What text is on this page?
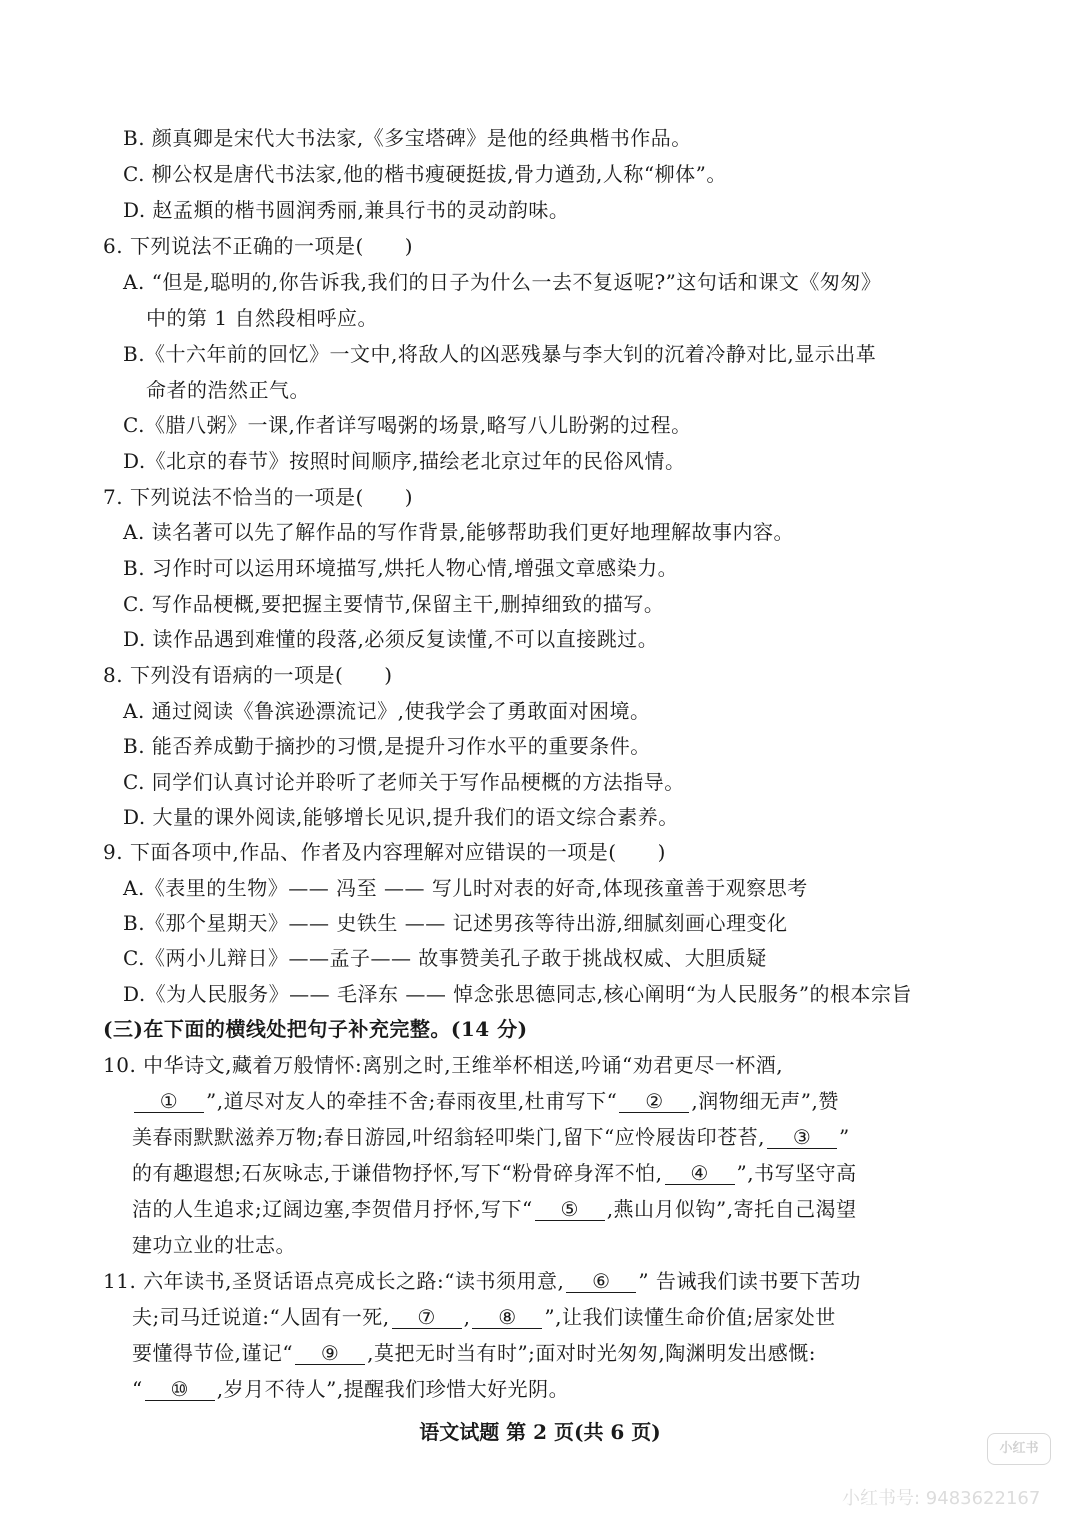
B. 颜真卿是宋代大书法家,《多宝塔碑》是他的经典楷书作品。
C. 柳公权是唐代书法家,他的楷书瘦硬挺拔,骨力遒劲,人称“柳体”。
D. 赵孟頫的楷书圆润秀丽,兼具行书的灵动韵味。
6. 下列说法不正确的一项是(　　)
A. “但是,聪明的,你告诉我,我们的日子为什么一去不复返呢?”这句话和课文《匆匆》
中的第 1 自然段相呼应。
B.《十六年前的回忆》一文中,将敌人的凶恶残暴与李大钊的沉着冷静对比,显示出革
命者的浩然正气。
C.《腊八粥》一课,作者详写喝粥的场景,略写八儿盼粥的过程。
D.《北京的春节》按照时间顺序,描绘老北京过年的民俗风情。
7. 下列说法不恰当的一项是(　　)
A. 读名著可以先了解作品的写作背景,能够帮助我们更好地理解故事内容。
B. 习作时可以运用环境描写,烘托人物心情,增强文章感染力。
C. 写作品梗概,要把握主要情节,保留主干,删掉细致的描写。
D. 读作品遇到难懂的段落,必须反复读懂,不可以直接跳过。
8. 下列没有语病的一项是(　　)
A. 通过阅读《鲁滨逊漂流记》,使我学会了勇敢面对困境。
B. 能否养成勤于摘抄的习惯,是提升习作水平的重要条件。
C. 同学们认真讨论并聆听了老师关于写作品梗概的方法指导。
D. 大量的课外阅读,能够增长见识,提升我们的语文综合素养。
9. 下面各项中,作品、作者及内容理解对应错误的一项是(　　)
A.《表里的生物》—— 冯至 —— 写儿时对表的好奇,体现孩童善于观察思考
B.《那个星期天》—— 史铁生 —— 记述男孩等待出游,细腻刻画心理变化
C.《两小儿辩日》——孟子—— 故事赞美孔子敢于挑战权威、大胆质疑
D.《为人民服务》—— 毛泽东 —— 悼念张思德同志,核心阐明“为人民服务”的根本宗旨
(三)在下面的横线处把句子补充完整。(14 分)
10. 中华诗文,藏着万般情怀:离别之时,王维举杯相送,吟诵“劝君更尽一杯酒,
① ”,道尽对友人的牵挂不舍;春雨夜里,杜甫写下“ ② ,润物细无声”,赞
美春雨默默滋养万物;春日游园,叶绍翁轻叩柴门,留下“应怜屐齿印苍苔, ③ ”
的有趣遐想;石灰咏志,于谦借物抒怀,写下“粉骨碎身浑不怕, ④ ”,书写坚守高
洁的人生追求;辽阔边塞,李贺借月抒怀,写下“ ⑤ ,燕山月似钩”,寄托自己渴望
建功立业的壮志。
11. 六年读书,圣贤话语点亮成长之路:“读书须用意, ⑥ ” 告诫我们读书要下苦功
夫;司马迁说道:“人固有一死, ⑦ , ⑧ ”,让我们读懂生命价值;居家处世
要懂得节俭,谨记“ ⑨ ,莫把无时当有时”;面对时光匆匆,陶渊明发出感慨:
“ ⑩ ,岁月不待人”,提醒我们珍惜大好光阴。
语文试题 第 2 页(共 6 页)
小红书
小红书号: 9483622167
